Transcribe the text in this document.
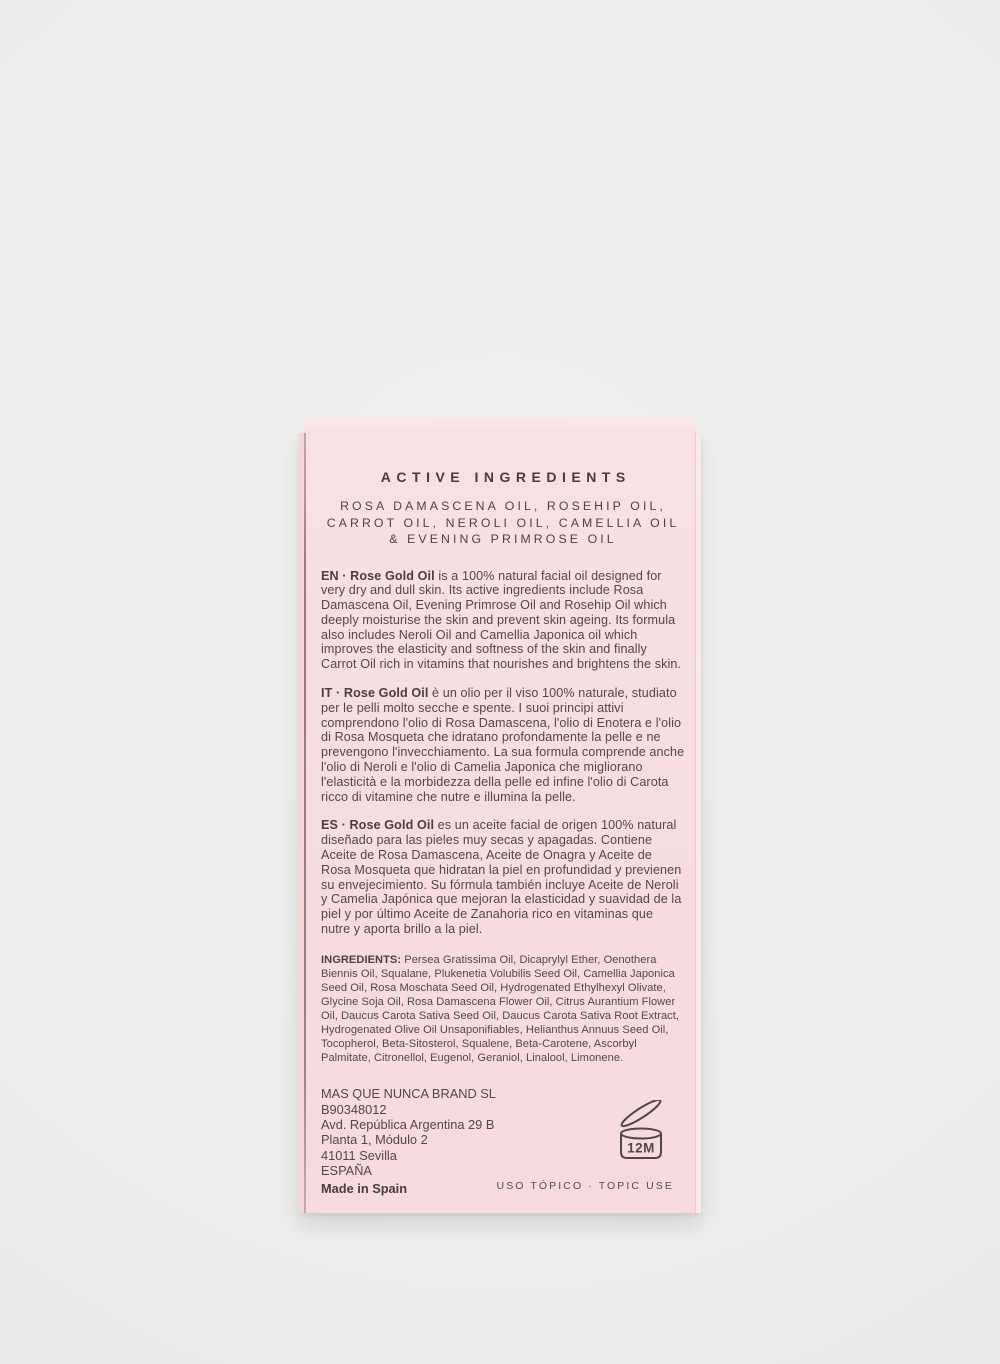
ACTIVE INGREDIENTS
ROSA DAMASCENA OIL, ROSEHIP OIL,
CARROT OIL, NEROLI OIL, CAMELLIA OIL
& EVENING PRIMROSE OIL

EN · Rose Gold Oil is a 100% natural facial oil designed for very dry and dull skin. Its active ingredients include Rosa Damascena Oil, Evening Primrose Oil and Rosehip Oil which deeply moisturise the skin and prevent skin ageing. Its formula also includes Neroli Oil and Camellia Japonica oil which improves the elasticity and softness of the skin and finally Carrot Oil rich in vitamins that nourishes and brightens the skin.

IT · Rose Gold Oil è un olio per il viso 100% naturale, studiato per le pelli molto secche e spente. I suoi principi attivi comprendono l'olio di Rosa Damascena, l'olio di Enotera e l'olio di Rosa Mosqueta che idratano profondamente la pelle e ne prevengono l'invecchiamento. La sua formula comprende anche l'olio di Neroli e l'olio di Camelia Japonica che migliorano l'elasticità e la morbidezza della pelle ed infine l'olio di Carota ricco di vitamine che nutre e illumina la pelle.

ES · Rose Gold Oil es un aceite facial de origen 100% natural diseñado para las pieles muy secas y apagadas. Contiene Aceite de Rosa Damascena, Aceite de Onagra y Aceite de Rosa Mosqueta que hidratan la piel en profundidad y previenen su envejecimiento. Su fórmula también incluye Aceite de Neroli y Camelia Japónica que mejoran la elasticidad y suavidad de la piel y por último Aceite de Zanahoria rico en vitaminas que nutre y aporta brillo a la piel.

INGREDIENTS: Persea Gratissima Oil, Dicaprylyl Ether, Oenothera Biennis Oil, Squalane, Plukenetia Volubilis Seed Oil, Camellia Japonica Seed Oil, Rosa Moschata Seed Oil, Hydrogenated Ethylhexyl Olivate, Glycine Soja Oil, Rosa Damascena Flower Oil, Citrus Aurantium Flower Oil, Daucus Carota Sativa Seed Oil, Daucus Carota Sativa Root Extract, Hydrogenated Olive Oil Unsaponifiables, Helianthus Annuus Seed Oil, Tocopherol, Beta-Sitosterol, Squalene, Beta-Carotene, Ascorbyl Palmitate, Citronellol, Eugenol, Geraniol, Linalool, Limonene.

MAS QUE NUNCA BRAND SL
B90348012
Avd. República Argentina 29 B
Planta 1, Módulo 2
41011 Sevilla
ESPAÑA
Made in Spain
12M
USO TÓPICO · TOPIC USE
